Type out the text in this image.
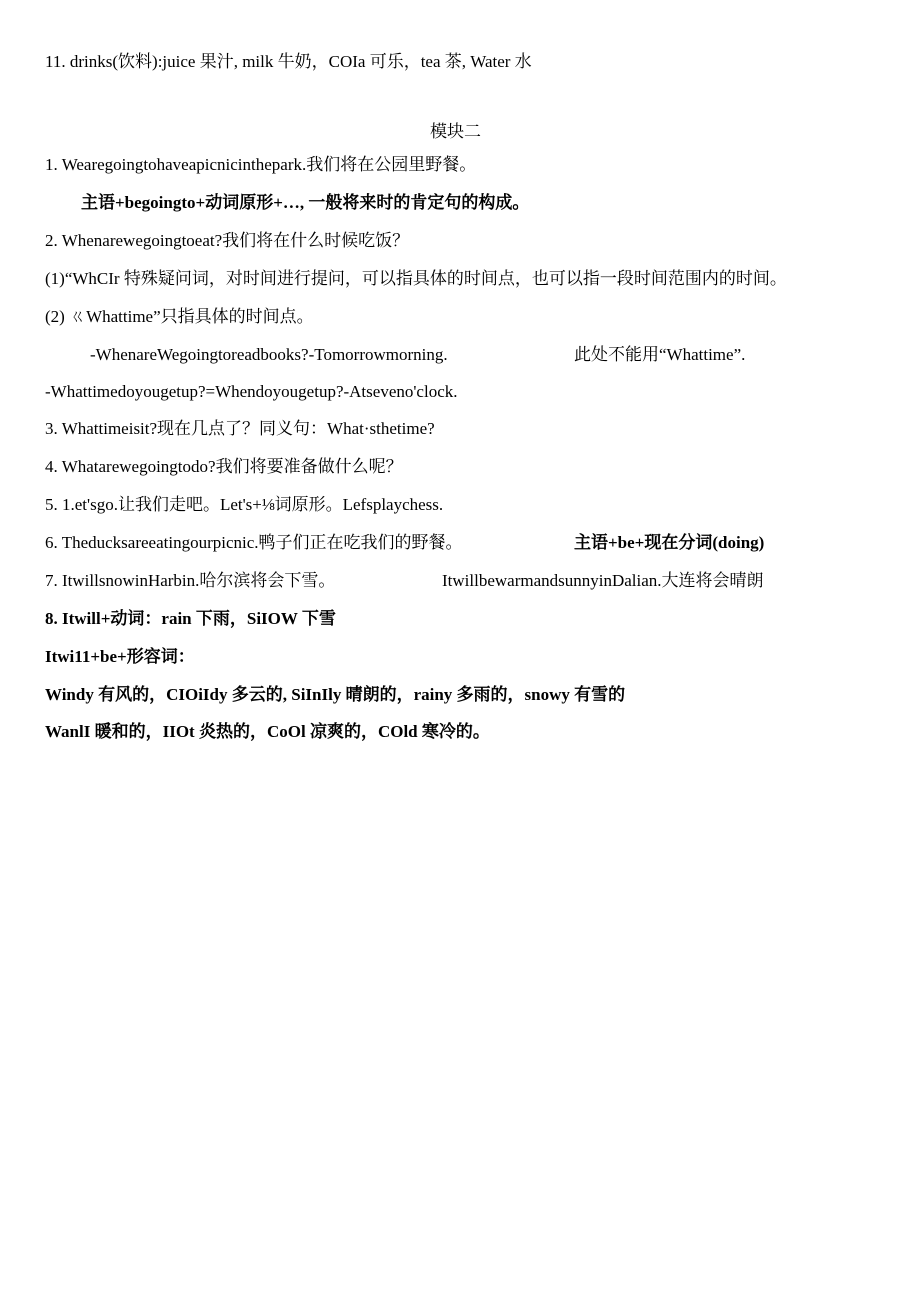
11. drinks(饮料):juice 果汁, milk 牛奶，COIa 可乐，tea 茶, Water 水
模块二
1. Wearegoingtohaveapicnicinthepark.我们将在公园里野餐。
主语+begoingto+动词原形+…, 一般将来时的肯定句的构成。
2. Whenarewegoingtoeat?我们将在什么时候吃饭？
(1)“WhCIr 特殊疑问词，对时间进行提问，可以指具体的时间点，也可以指一段时间范围内的时间。
(2) ㄍWhattime”只指具体的时间点。
-WhenareWegoingtoreadbooks?-Tomorrowmorning.	此处不能用“Whattime”.
-Whattimedoyougetup?=Whendoyougetup?-Atseveno'clock.
3. Whattimeisit?现在几点了？同义句：What·sthetime?
4. Whatarewegoingtodo?我们将要准备做什么呢？
5. 1.et'sgo.让我们走吧。Let's+⅛词原形。Lefsplaychess.
6. Theducksareeatingourpicnic.鸭子们正在吃我们的野餐。	主语+be+现在分词(doing)
7. ItwillsnowinHarbin.哈尔滨将会下雪。	ItwillbewarmandsunnyinDalian.大连将会晴朗
8. Itwill+动词：rain 下雨，SiIOW 下雪
Itwi11+be+形容词：
Windy 有风的，CIOiIdy 多云的, SiInIly 晴朗的，rainy 多雨的，snowy 有雪的
WanlI 暖和的，IIOt 炎热的，CoOl 凉爽的，COld 寒冷的。
